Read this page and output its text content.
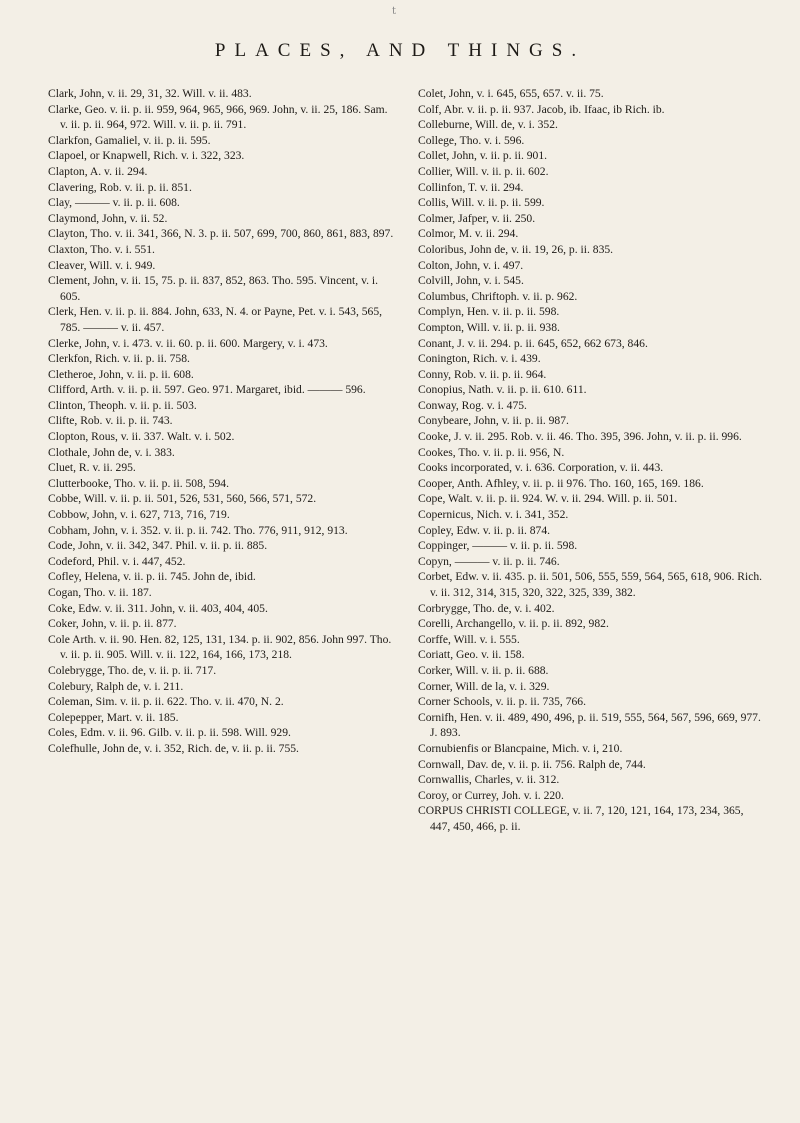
t
PLACES, AND THINGS.

Clark, John, v. ii. 29, 31, 32. Will. v. ii. 483.

Clarke, Geo. v. ii. p. ii. 959, 964, 965, 966, 969. John, v. ii. 25, 186. Sam. v. ii. p. ii. 964, 972. Will. v. ii. p. ii. 791.

Clarkfon, Gamaliel, v. ii. p. ii. 595.

Clapoel, or Knapwell, Rich. v. i. 322, 323.

Clapton, A. v. ii. 294.

Clavering, Rob. v. ii. p. ii. 851.

Clay, ——— v. ii. p. ii. 608.

Claymond, John, v. ii. 52.

Clayton, Tho. v. ii. 341, 366, N. 3. p. ii. 507, 699, 700, 860, 861, 883, 897.

Claxton, Tho. v. i. 551.

Cleaver, Will. v. i. 949.

Clement, John, v. ii. 15, 75. p. ii. 837, 852, 863. Tho. 595. Vincent, v. i. 605.

Clerk, Hen. v. ii. p. ii. 884. John, 633, N. 4. or Payne, Pet. v. i. 543, 565, 785. ——— v. ii. 457.

Clerke, John, v. i. 473. v. ii. 60. p. ii. 600. Margery, v. i. 473.

Clerkfon, Rich. v. ii. p. ii. 758.

Cletheroe, John, v. ii. p. ii. 608.

Clifford, Arth. v. ii. p. ii. 597. Geo. 971. Margaret, ibid. ——— 596.

Clinton, Theoph. v. ii. p. ii. 503.

Clifte, Rob. v. ii. p. ii. 743.

Clopton, Rous, v. ii. 337. Walt. v. i. 502.

Clothale, John de, v. i. 383.

Cluet, R. v. ii. 295.

Clutterbooke, Tho. v. ii. p. ii. 508, 594.

Cobbe, Will. v. ii. p. ii. 501, 526, 531, 560, 566, 571, 572.

Cobbow, John, v. i. 627, 713, 716, 719.

Cobham, John, v. i. 352. v. ii. p. ii. 742. Tho. 776, 911, 912, 913.

Code, John, v. ii. 342, 347. Phil. v. ii. p. ii. 885.

Codeford, Phil. v. i. 447, 452.

Cofley, Helena, v. ii. p. ii. 745. John de, ibid.

Cogan, Tho. v. ii. 187.

Coke, Edw. v. ii. 311. John, v. ii. 403, 404, 405.

Coker, John, v. ii. p. ii. 877.

Cole Arth. v. ii. 90. Hen. 82, 125, 131, 134. p. ii. 902, 856. John 997. Tho. v. ii. p. ii. 905. Will. v. ii. 122, 164, 166, 173, 218.

Colebrygge, Tho. de, v. ii. p. ii. 717.

Colebury, Ralph de, v. i. 211.

Coleman, Sim. v. ii. p. ii. 622. Tho. v. ii. 470, N. 2.

Colepepper, Mart. v. ii. 185.

Coles, Edm. v. ii. 96. Gilb. v. ii. p. ii. 598. Will. 929.

Colefhulle, John de, v. i. 352, Rich. de, v. ii. p. ii. 755.

Colet, John, v. i. 645, 655, 657. v. ii. 75.

Colf, Abr. v. ii. p. ii. 937. Jacob, ib. Ifaac, ib Rich. ib.

Colleburne, Will. de, v. i. 352.

College, Tho. v. i. 596.

Collet, John, v. ii. p. ii. 901.

Collier, Will. v. ii. p. ii. 602.

Collinfon, T. v. ii. 294.

Collis, Will. v. ii. p. ii. 599.

Colmer, Jafper, v. ii. 250.

Colmor, M. v. ii. 294.

Coloribus, John de, v. ii. 19, 26, p. ii. 835.

Colton, John, v. i. 497.

Colvill, John, v. i. 545.

Columbus, Chriftoph. v. ii. p. 962.

Complyn, Hen. v. ii. p. ii. 598.

Compton, Will. v. ii. p. ii. 938.

Conant, J. v. ii. 294. p. ii. 645, 652, 662 673, 846.

Conington, Rich. v. i. 439.

Conny, Rob. v. ii. p. ii. 964.

Conopius, Nath. v. ii. p. ii. 610. 611.

Conway, Rog. v. i. 475.

Conybeare, John, v. ii. p. ii. 987.

Cooke, J. v. ii. 295. Rob. v. ii. 46. Tho. 395, 396. John, v. ii. p. ii. 996.

Cookes, Tho. v. ii. p. ii. 956, N.

Cooks incorporated, v. i. 636. Corporation, v. ii. 443.

Cooper, Anth. Afhley, v. ii. p. ii 976. Tho. 160, 165, 169. 186.

Cope, Walt. v. ii. p. ii. 924. W. v. ii. 294. Will. p. ii. 501.

Copernicus, Nich. v. i. 341, 352.

Copley, Edw. v. ii. p. ii. 874.

Coppinger, ——— v. ii. p. ii. 598.

Copyn, ——— v. ii. p. ii. 746.

Corbet, Edw. v. ii. 435. p. ii. 501, 506, 555, 559, 564, 565, 618, 906. Rich. v. ii. 312, 314, 315, 320, 322, 325, 339, 382.

Corbrygge, Tho. de, v. i. 402.

Corelli, Archangello, v. ii. p. ii. 892, 982.

Corffe, Will. v. i. 555.

Coriatt, Geo. v. ii. 158.

Corker, Will. v. ii. p. ii. 688.

Corner, Will. de la, v. i. 329.

Corner Schools, v. ii. p. ii. 735, 766.

Cornifh, Hen. v. ii. 489, 490, 496, p. ii. 519, 555, 564, 567, 596, 669, 977. J. 893.

Cornubienfis or Blancpaine, Mich. v. i, 210.

Cornwall, Dav. de, v. ii. p. ii. 756. Ralph de, 744.

Cornwallis, Charles, v. ii. 312.

Coroy, or Currey, Joh. v. i. 220.

CORPUS CHRISTI COLLEGE, v. ii. 7, 120, 121, 164, 173, 234, 365, 447, 450, 466, p. ii.
